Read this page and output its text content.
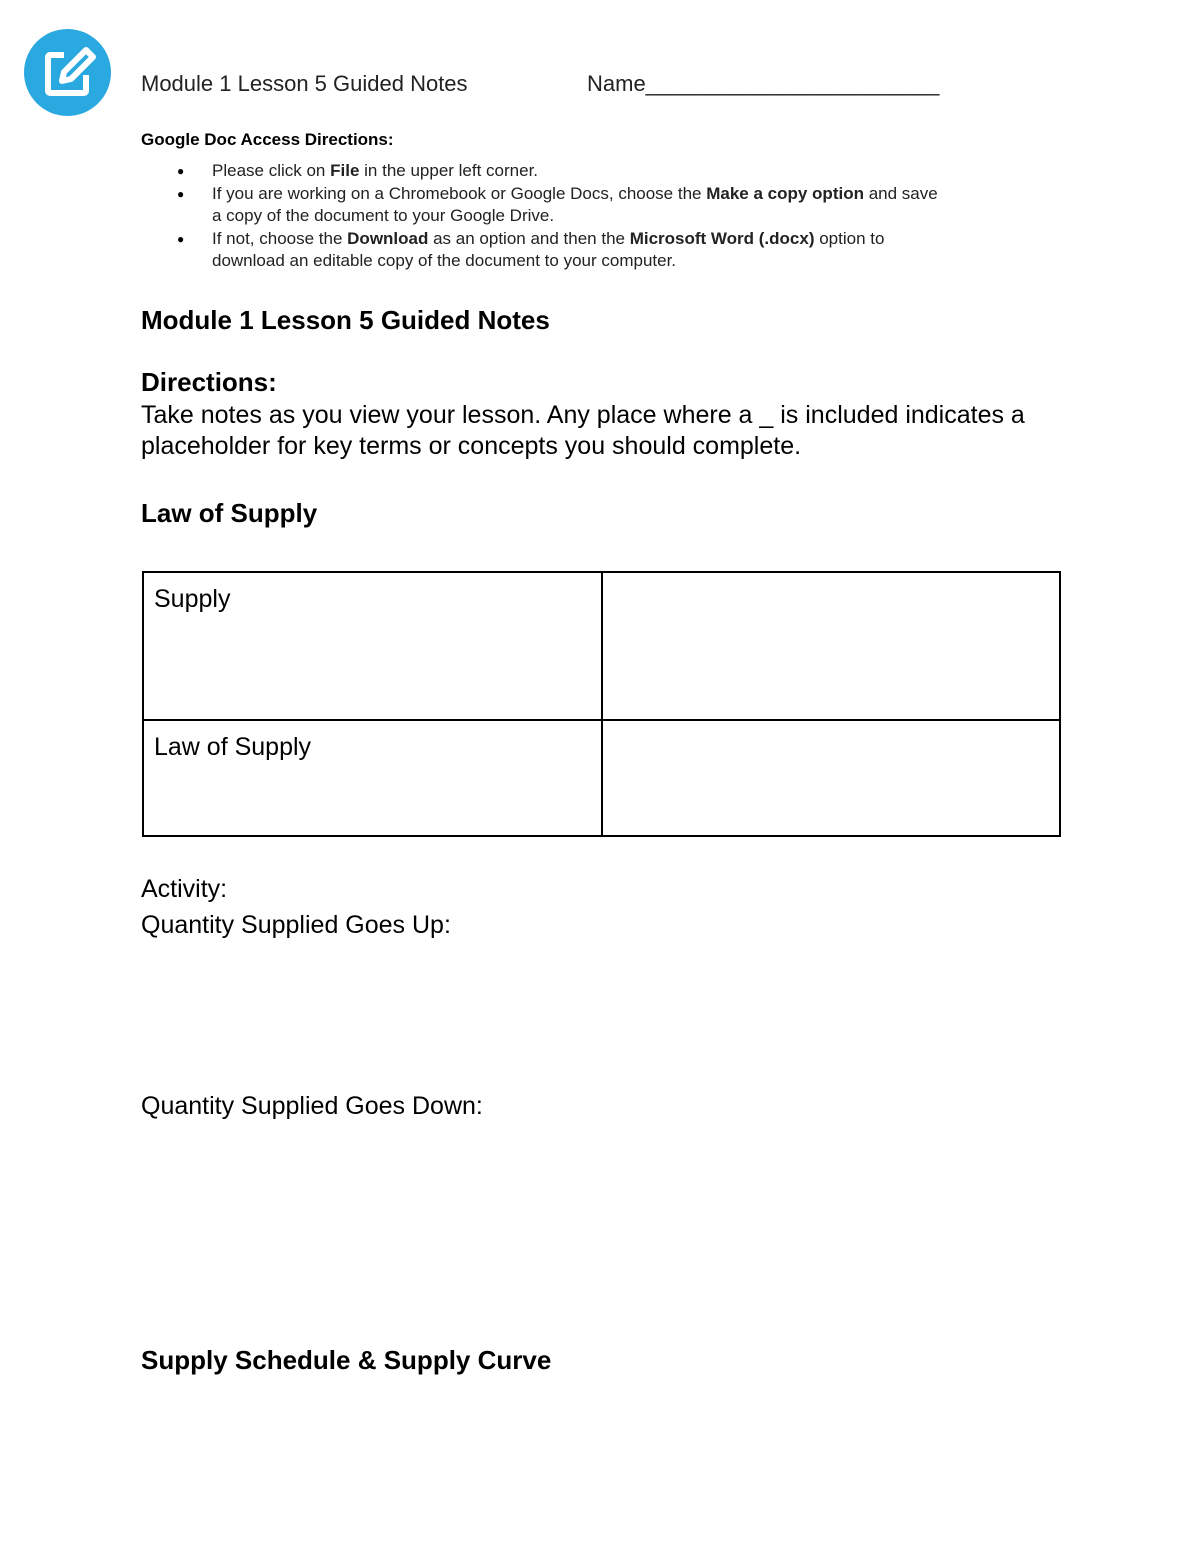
Module 1 Lesson 5 Guided Notes	Name________________________
Google Doc Access Directions:
● Please click on File in the upper left corner.
● If you are working on a Chromebook or Google Docs, choose the Make a copy option and save
a copy of the document to your Google Drive.
● If not, choose the Download as an option and then the Microsoft Word (.docx) option to
download an editable copy of the document to your computer.
Module 1 Lesson 5 Guided Notes
Directions:
Take notes as you view your lesson. Any place where a _ is included indicates a
placeholder for key terms or concepts you should complete.
Law of Supply
Supply	
Law of Supply	
Activity:
Quantity Supplied Goes Up:
Quantity Supplied Goes Down:
Supply Schedule & Supply Curve
